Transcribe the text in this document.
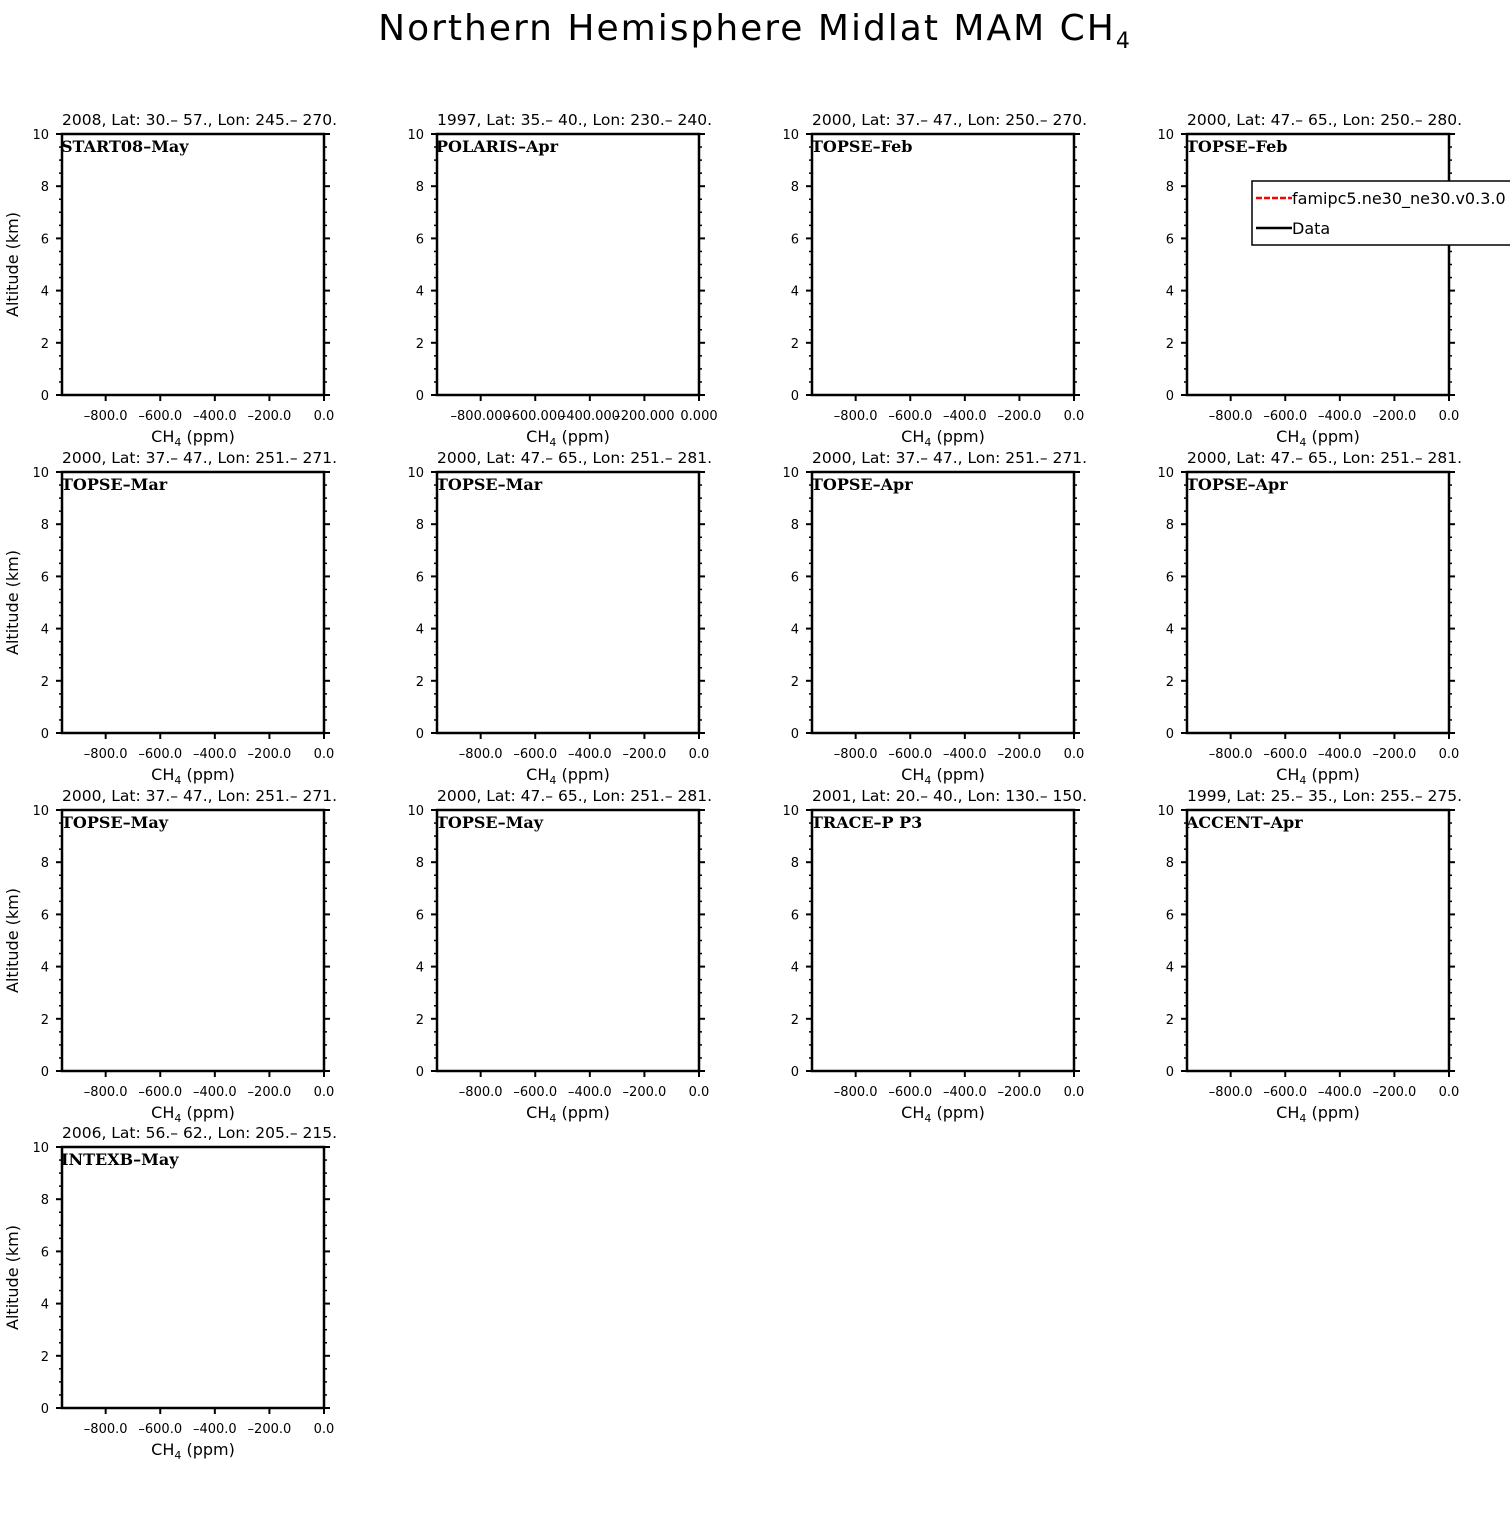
Northern Hemisphere Midlat MAM $CH_4$
2008, Lat: 30.– 57., Lon: 245.– 270.
0
2
4
6
8
10
–800.0 –600.0 –400.0 –200.0 0.0
START08–May
$CH_4$ (ppm)
Altitude (km)
1997, Lat: 35.– 40., Lon: 230.– 240.
0
2
4
6
8
10
–800.000
–600.000
–400.000
–200.000 0.000
POLARIS–Apr
$CH_4$ (ppm)
2000, Lat: 37.– 47., Lon: 250.– 270.
0
2
4
6
8
10
–800.0 –600.0 –400.0 –200.0 0.0
TOPSE–Feb
$CH_4$ (ppm)
2000, Lat: 47.– 65., Lon: 250.– 280.
0
2
4
6
8
10
–800.0 –600.0 –400.0 –200.0 0.0
TOPSE–Feb
$CH_4$ (ppm)
2000, Lat: 37.– 47., Lon: 251.– 271.
0
2
4
6
8
10
–800.0 –600.0 –400.0 –200.0 0.0
TOPSE–Mar
$CH_4$ (ppm)
Altitude (km)
2000, Lat: 47.– 65., Lon: 251.– 281.
0
2
4
6
8
10
–800.0 –600.0 –400.0 –200.0 0.0
TOPSE–Mar
$CH_4$ (ppm)
2000, Lat: 37.– 47., Lon: 251.– 271.
0
2
4
6
8
10
–800.0 –600.0 –400.0 –200.0 0.0
TOPSE–Apr
$CH_4$ (ppm)
2000, Lat: 47.– 65., Lon: 251.– 281.
0
2
4
6
8
10
–800.0 –600.0 –400.0 –200.0 0.0
TOPSE–Apr
$CH_4$ (ppm)
2000, Lat: 37.– 47., Lon: 251.– 271.
0
2
4
6
8
10
–800.0 –600.0 –400.0 –200.0 0.0
TOPSE–May
$CH_4$ (ppm)
Altitude (km)
2000, Lat: 47.– 65., Lon: 251.– 281.
0
2
4
6
8
10
–800.0 –600.0 –400.0 –200.0 0.0
TOPSE–May
$CH_4$ (ppm)
2001, Lat: 20.– 40., Lon: 130.– 150.
0
2
4
6
8
10
–800.0 –600.0 –400.0 –200.0 0.0
TRACE–P P3
$CH_4$ (ppm)
1999, Lat: 25.– 35., Lon: 255.– 275.
0
2
4
6
8
10
–800.0 –600.0 –400.0 –200.0 0.0
ACCENT–Apr
$CH_4$ (ppm)
2006, Lat: 56.– 62., Lon: 205.– 215.
0
2
4
6
8
10
–800.0 –600.0 –400.0 –200.0 0.0
INTEXB–May
$CH_4$ (ppm)
Altitude (km)
famipc5.ne30_ne30.v0.3.0
Data
